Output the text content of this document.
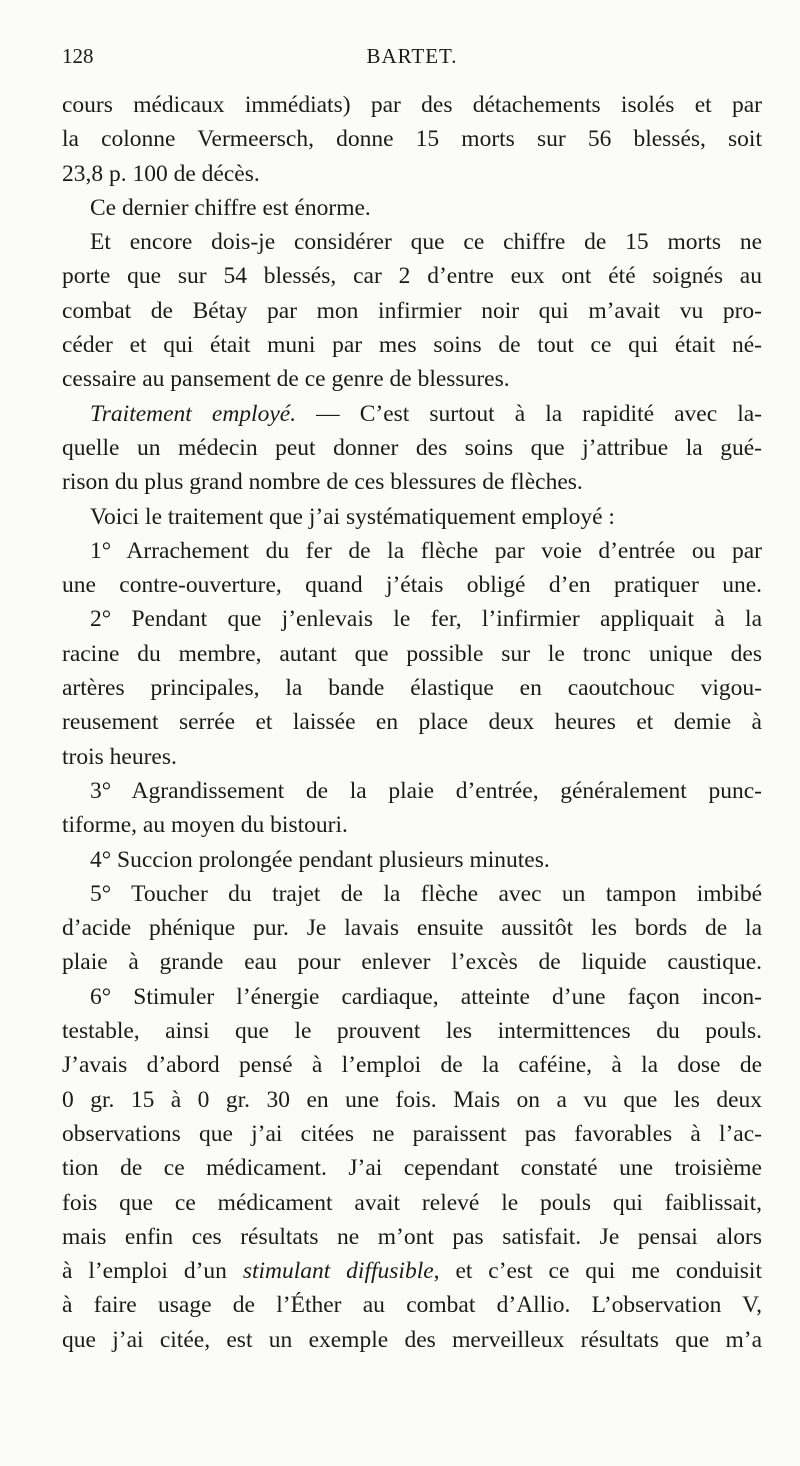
128	BARTET.
cours médicaux immédiats) par des détachements isolés et par
la colonne Vermeersch, donne 15 morts sur 56 blessés, soit
23,8 p. 100 de décès.
Ce dernier chiffre est énorme.
Et encore dois-je considérer que ce chiffre de 15 morts ne
porte que sur 54 blessés, car 2 d’entre eux ont été soignés au
combat de Bétay par mon infirmier noir qui m’avait vu pro-
céder et qui était muni par mes soins de tout ce qui était né-
cessaire au pansement de ce genre de blessures.
Traitement employé. — C’est surtout à la rapidité avec la-
quelle un médecin peut donner des soins que j’attribue la gué-
rison du plus grand nombre de ces blessures de flèches.
Voici le traitement que j’ai systématiquement employé :
1° Arrachement du fer de la flèche par voie d’entrée ou par
une contre-ouverture, quand j’étais obligé d’en pratiquer une.
2° Pendant que j’enlevais le fer, l’infirmier appliquait à la
racine du membre, autant que possible sur le tronc unique des
artères principales, la bande élastique en caoutchouc vigou-
reusement serrée et laissée en place deux heures et demie à
trois heures.
3° Agrandissement de la plaie d’entrée, généralement punc-
tiforme, au moyen du bistouri.
4° Succion prolongée pendant plusieurs minutes.
5° Toucher du trajet de la flèche avec un tampon imbibé
d’acide phénique pur. Je lavais ensuite aussitôt les bords de la
plaie à grande eau pour enlever l’excès de liquide caustique.
6° Stimuler l’énergie cardiaque, atteinte d’une façon incon-
testable, ainsi que le prouvent les intermittences du pouls.
J’avais d’abord pensé à l’emploi de la caféine, à la dose de
0 gr. 15 à 0 gr. 30 en une fois. Mais on a vu que les deux
observations que j’ai citées ne paraissent pas favorables à l’ac-
tion de ce médicament. J’ai cependant constaté une troisième
fois que ce médicament avait relevé le pouls qui faiblissait,
mais enfin ces résultats ne m’ont pas satisfait. Je pensai alors
à l’emploi d’un stimulant diffusible, et c’est ce qui me conduisit
à faire usage de l’Éther au combat d’Allio. L’observation V,
que j’ai citée, est un exemple des merveilleux résultats que m’a
